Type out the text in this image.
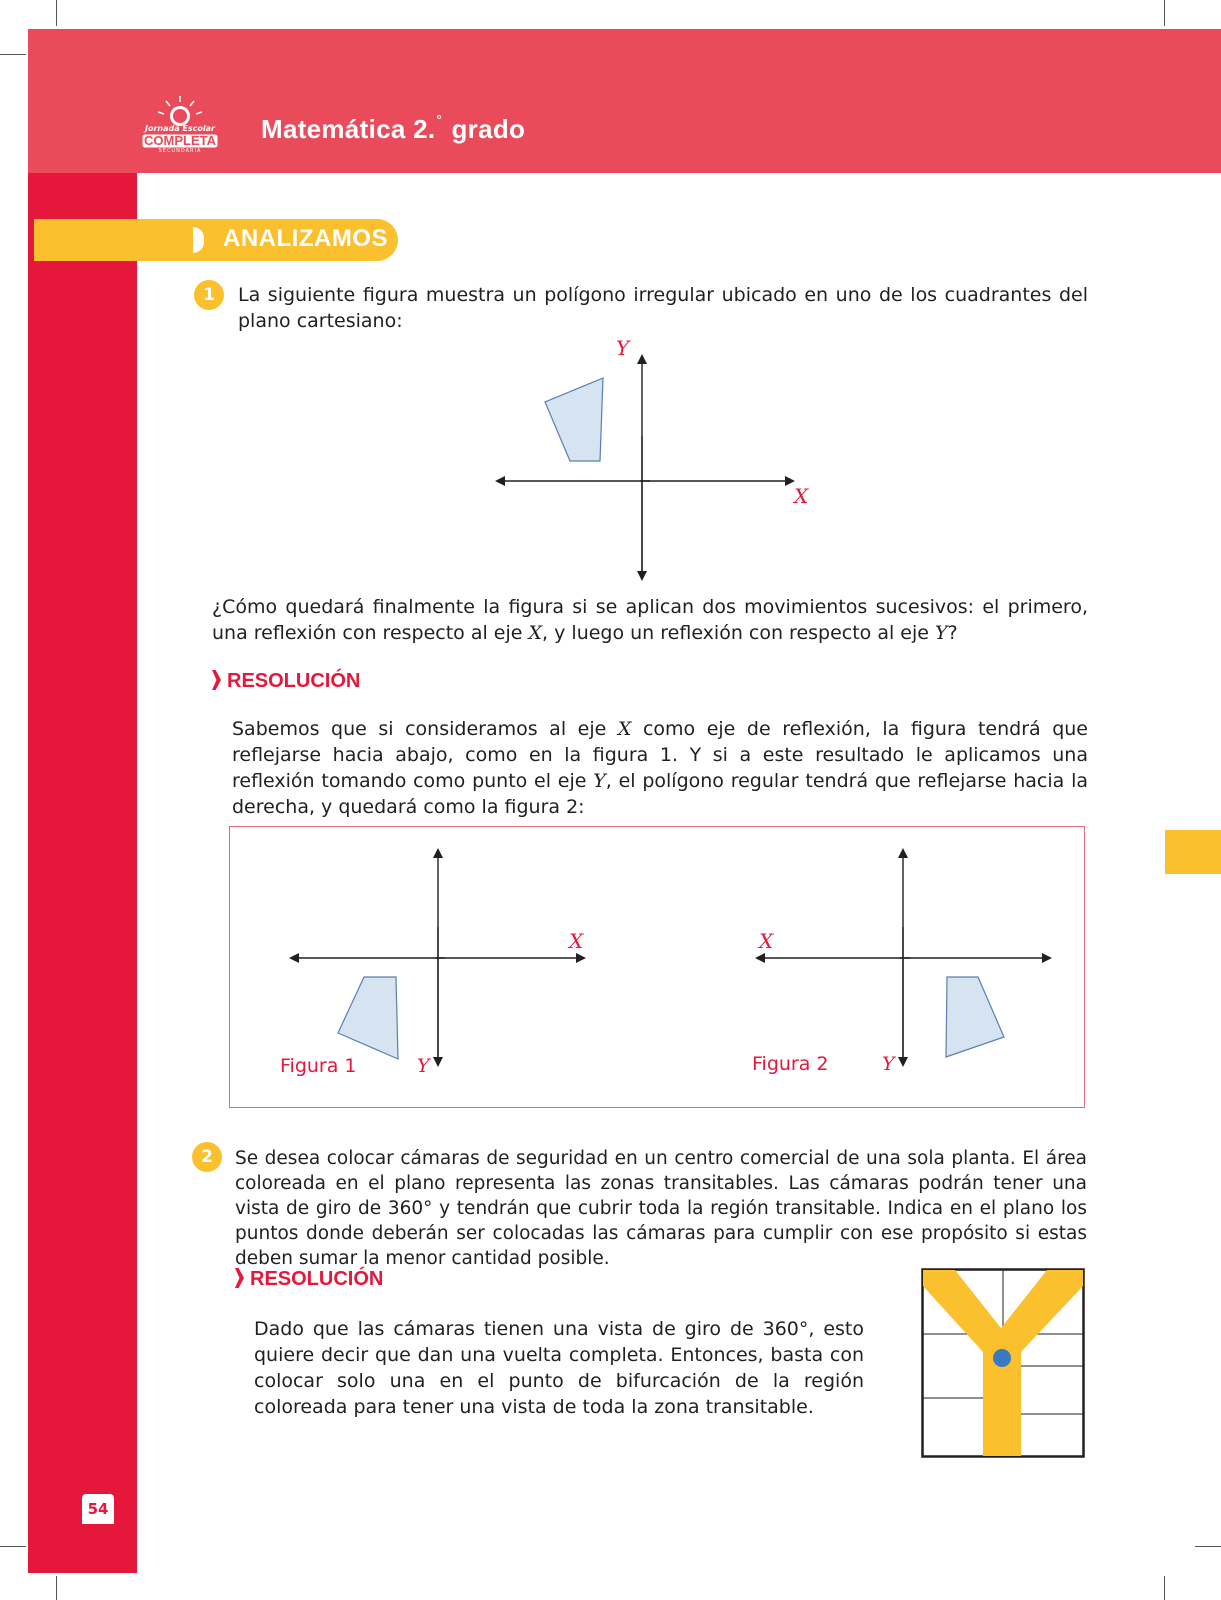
Jornada Escolar
COMPLETA
SECUNDARIA
Matemática 2.° grado
ANALIZAMOS
1	La siguiente figura muestra un polígono irregular ubicado en uno de los cuadrantes del plano cartesiano:
Y
X
¿Cómo quedará finalmente la figura si se aplican dos movimientos sucesivos: el primero, una reflexión con respecto al eje X, y luego un reflexión con respecto al eje Y?
RESOLUCIÓN
Sabemos que si consideramos al eje X como eje de reflexión, la figura tendrá que reflejarse hacia abajo, como en la figura 1. Y si a este resultado le aplicamos una reflexión tomando como punto el eje Y, el polígono regular tendrá que reflejarse hacia la derecha, y quedará como la figura 2:
X
Y
Figura 1
X
Y
Figura 2
2	Se desea colocar cámaras de seguridad en un centro comercial de una sola planta. El área coloreada en el plano representa las zonas transitables. Las cámaras podrán tener una vista de giro de 360° y tendrán que cubrir toda la región transitable. Indica en el plano los puntos donde deberán ser colocadas las cámaras para cumplir con ese propósito si estas deben sumar la menor cantidad posible.
RESOLUCIÓN
Dado que las cámaras tienen una vista de giro de 360°, esto quiere decir que dan una vuelta completa. Entonces, basta con colocar solo una en el punto de bifurcación de la región coloreada para tener una vista de toda la zona transitable.
54
